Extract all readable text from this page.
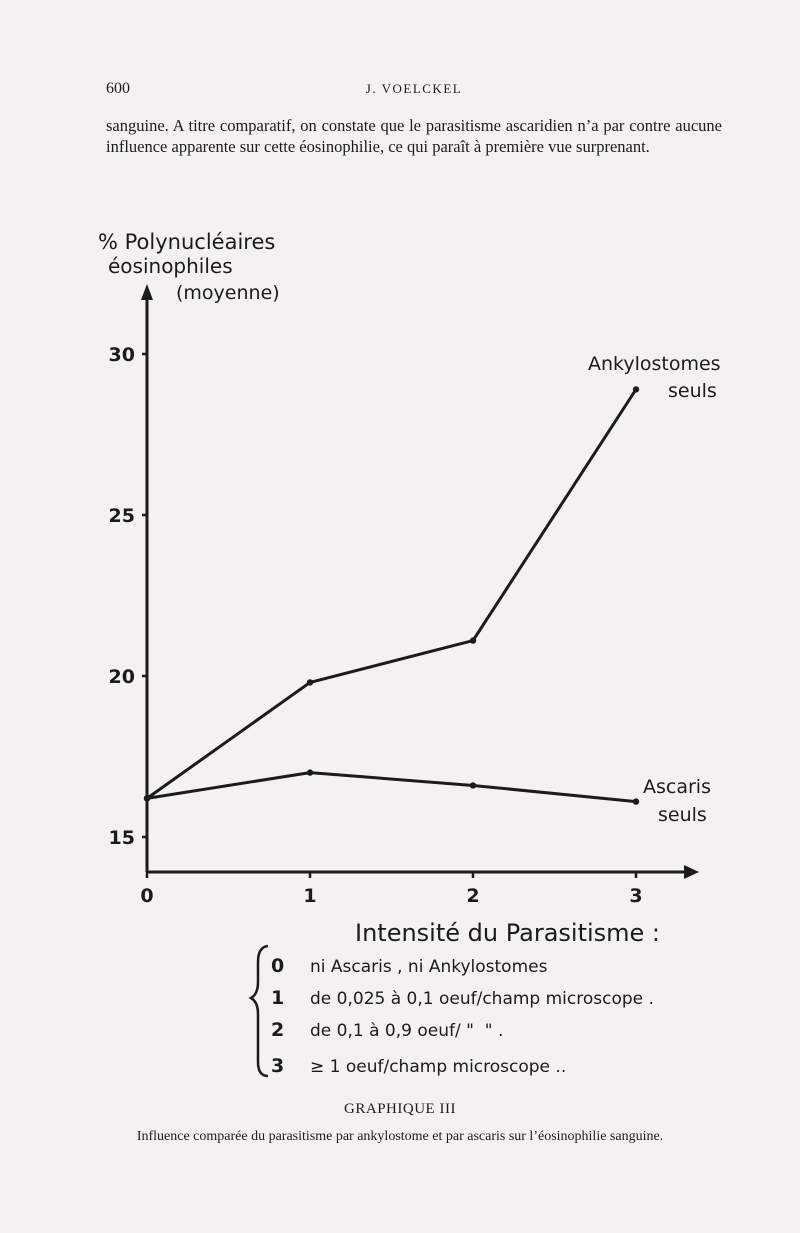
600	J. VOELCKEL

sanguine. A titre comparatif, on constate que le parasitisme ascaridien n’a par contre aucune influence apparente sur cette éosinophilie, ce qui paraît à première vue surprenant.

% Polynucléaires
éosinophiles
(moyenne)
15
20
25
30
0	1	2	3
Ankylostomes
seuls
Ascaris
seuls
Intensité du Parasitisme :
0 ni Ascaris , ni Ankylostomes
1 de 0,025 à 0,1 oeuf/champ microscope .
2 de 0,1 à 0,9 oeuf/ "  " .
3 ≥ 1 oeuf/champ microscope ..
GRAPHIQUE III
Influence comparée du parasitisme par ankylostome et par ascaris sur l’éosinophilie sanguine.
